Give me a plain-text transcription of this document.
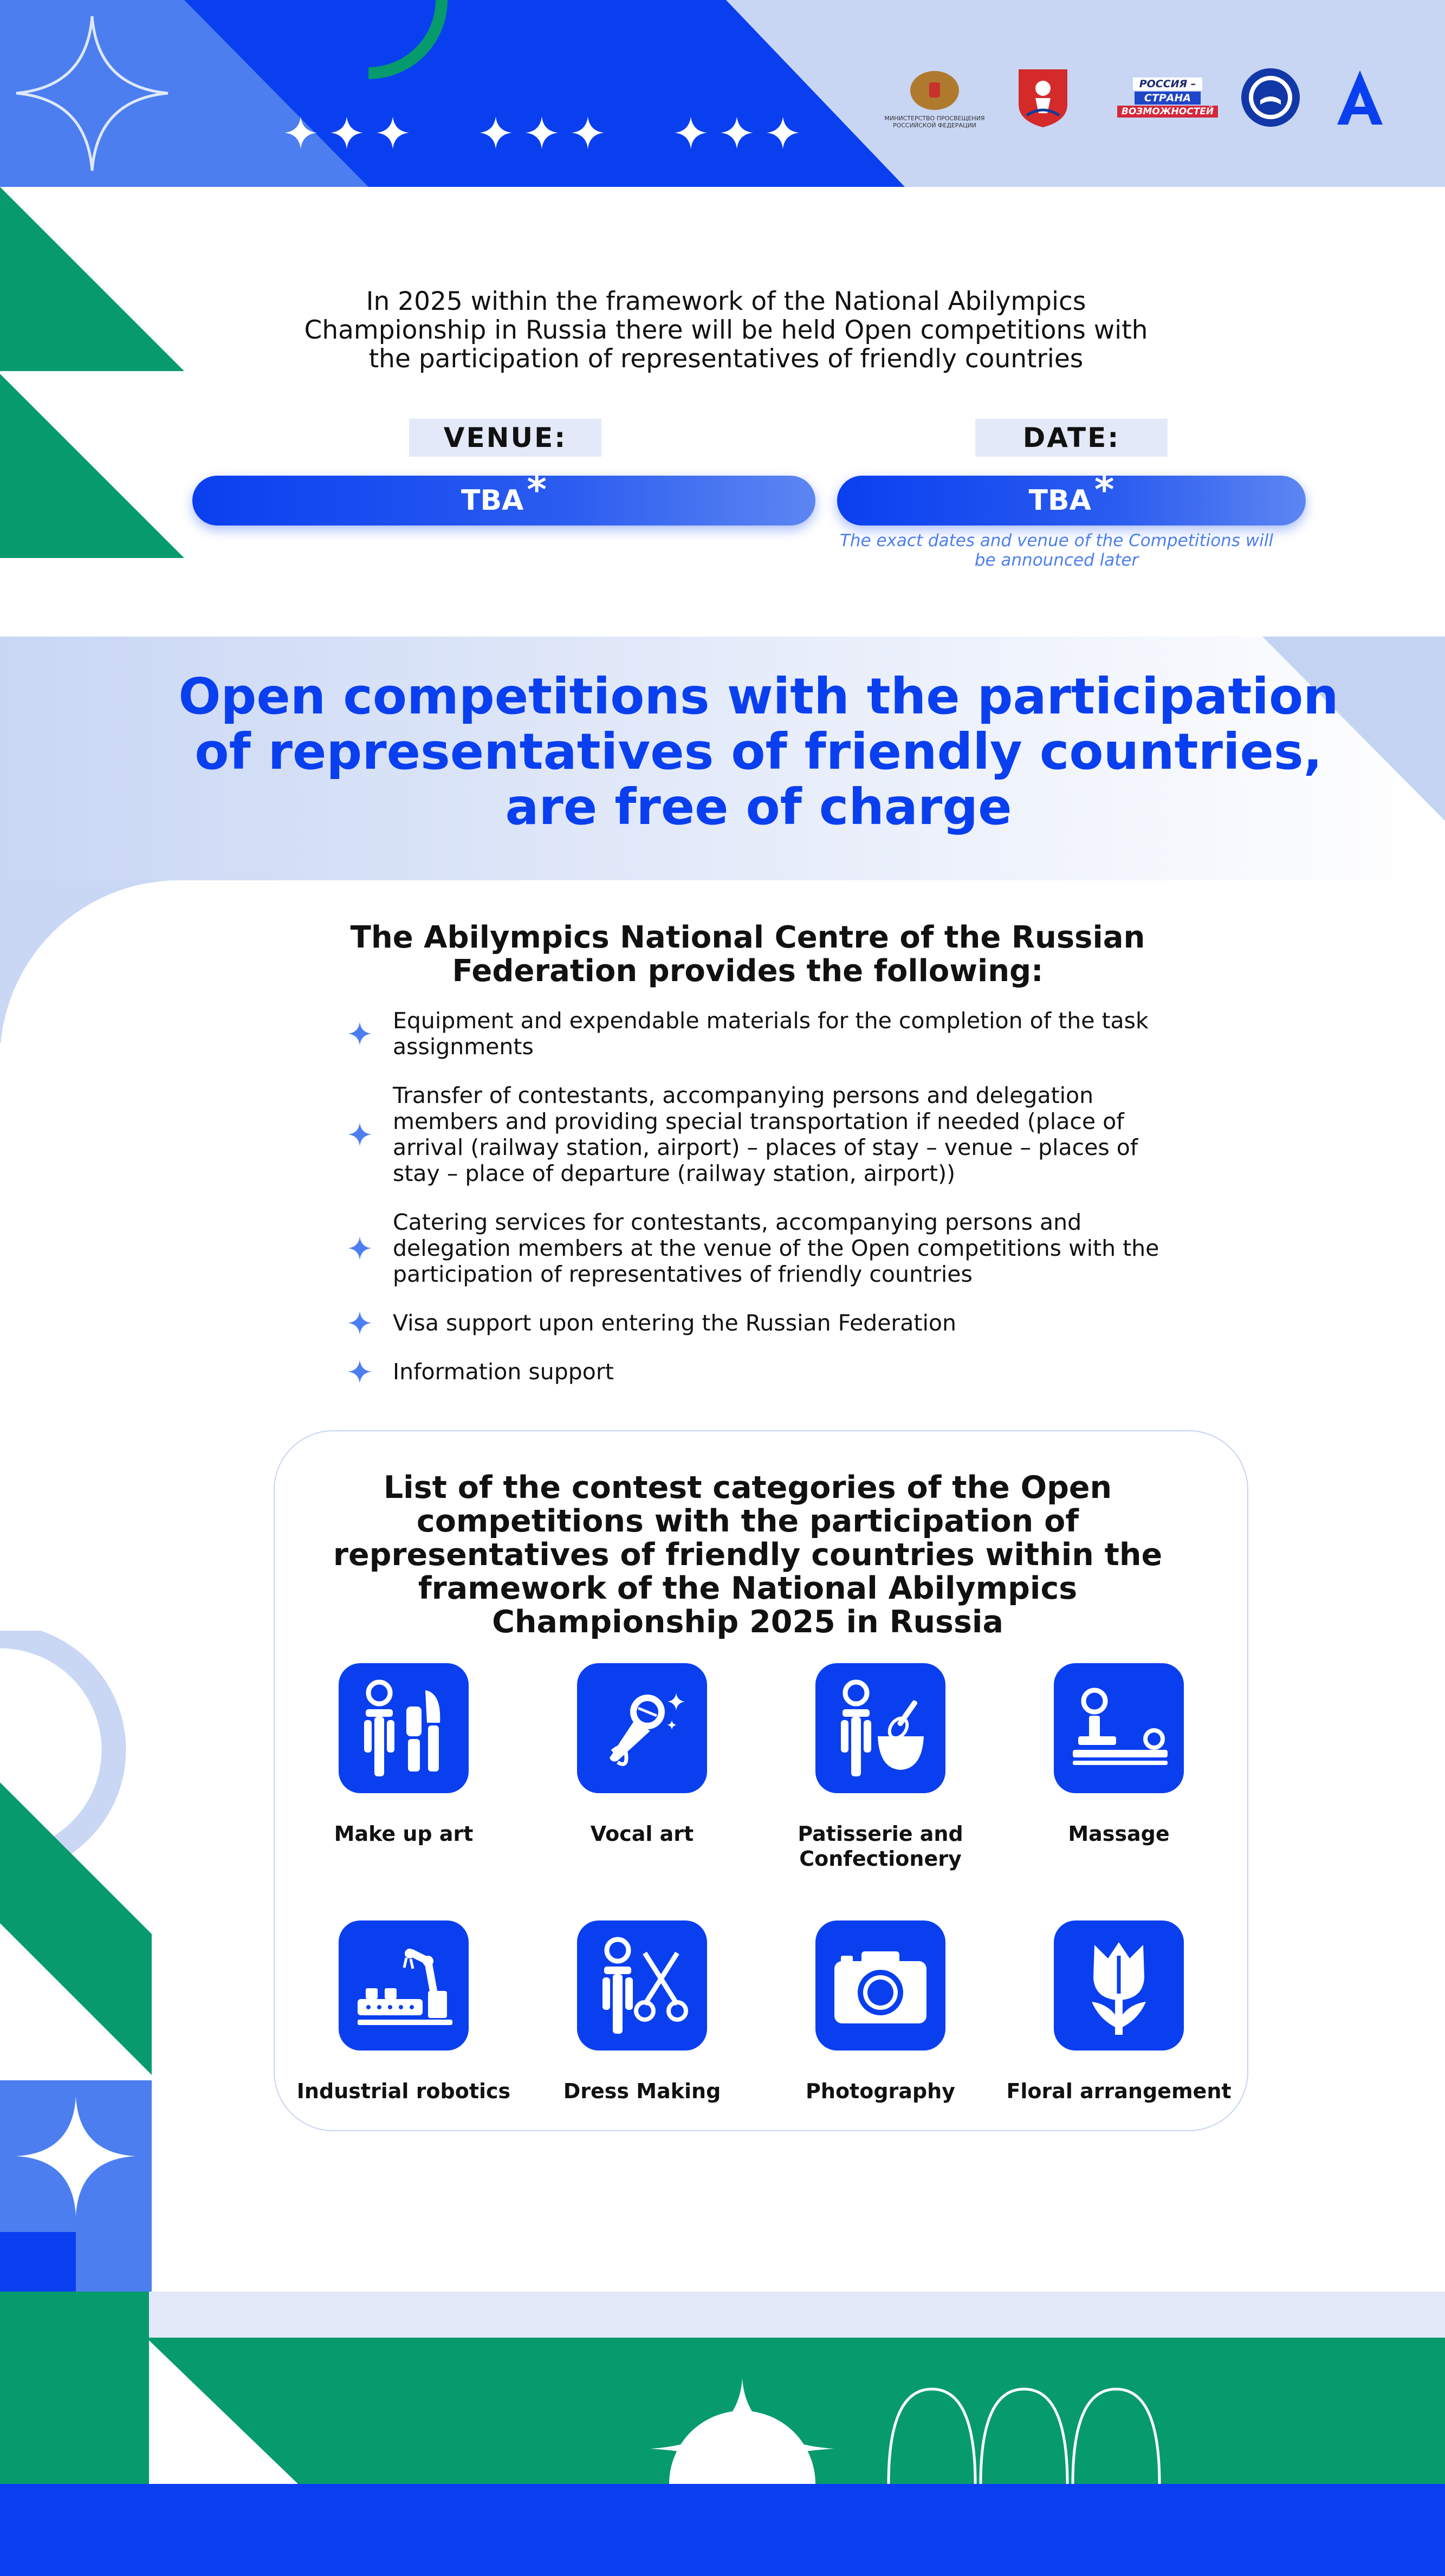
МИНИСТЕРСТВО ПРОСВЕЩЕНИЯ РОССИЙСКОЙ ФЕДЕРАЦИИ
РОССИЯ –
СТРАНА
ВОЗМОЖНОСТЕЙ
In 2025 within the framework of the National Abilympics Championship in Russia there will be held Open competitions with the participation of representatives of friendly countries
VENUE:	DATE:
TBA *	TBA *
The exact dates and venue of the Competitions will be announced later
Open competitions with the participation of representatives of friendly countries, are free of charge
The Abilympics National Centre of the Russian Federation provides the following:
Equipment and expendable materials for the completion of the task assignments
Transfer of contestants, accompanying persons and delegation members and providing special transportation if needed (place of arrival (railway station, airport) – places of stay – venue – places of stay – place of departure (railway station, airport))
Catering services for contestants, accompanying persons and delegation members at the venue of the Open competitions with the participation of representatives of friendly countries
Visa support upon entering the Russian Federation
Information support
List of the contest categories of the Open competitions with the participation of representatives of friendly countries within the framework of the National Abilympics Championship 2025 in Russia
Make up art	Vocal art	Patisserie and Confectionery
Massage
Industrial robotics	Dress Making	Photography	Floral arrangement
